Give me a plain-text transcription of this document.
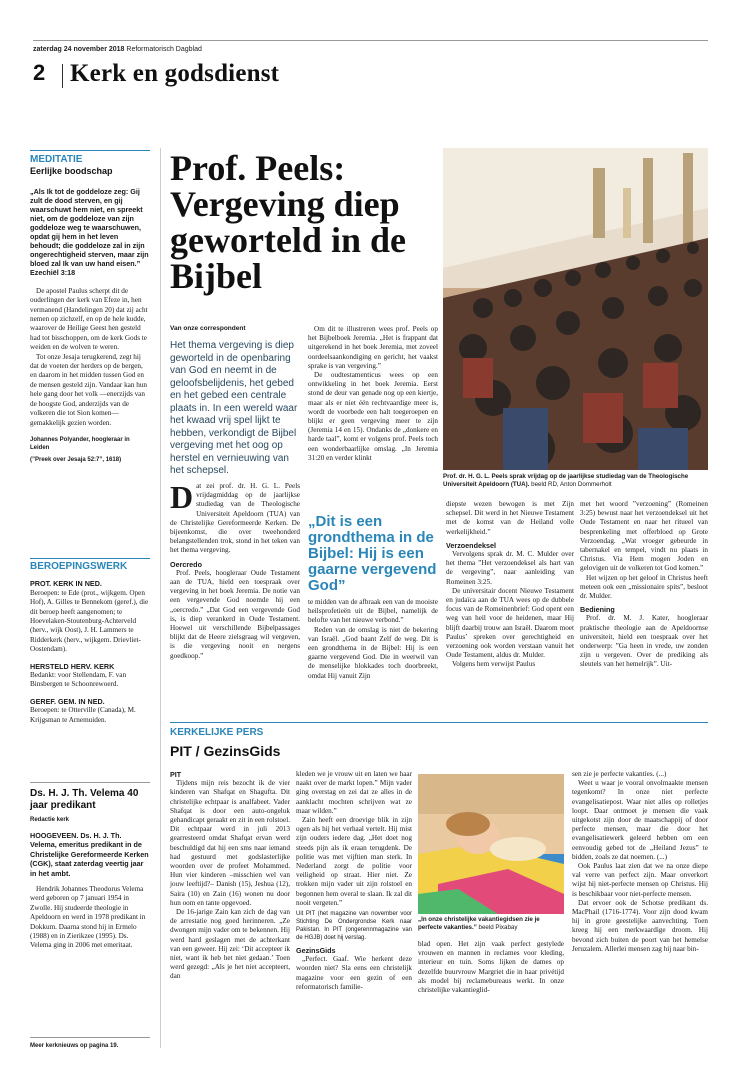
zaterdag 24 november 2018 Reformatorisch Dagblad
2 Kerk en godsdienst
MEDITATIE
Eerlijke boodschap
„Als Ik tot de goddeloze zeg: Gij zult de dood sterven, en gij waarschuwt hem niet, en spreekt niet, om de goddeloze van zijn goddeloze weg te waarschuwen, opdat gij hem in het leven behoudt; die goddeloze zal in zijn ongerechtigheid sterven, maar zijn bloed zal Ik van uw hand eisen.”
Ezechiël 3:18
De apostel Paulus scherpt dit de ouderlingen der kerk van Efeze in, hen vermanend (Handelingen 20) dat zij acht nemen op zichzelf, en op de hele kudde, waarover de Heilige Geest hen gesteld had tot bisschoppen, om de kerk Gods te weiden en de wolven te weren.
Tot onze Jesaja terugkerend, zegt hij dat de voeten der herders op de bergen, en daarom in het midden tussen God en de mensen gesteld zijn. Vandaar kan hun hele gang door het volk —enerzijds van de hoogste God, anderzijds van de volkeren die tot Sion komen—gemakkelijk gezien worden.
Johannes Polyander, hoogleraar in Leiden
(”Preek over Jesaja 52:7”, 1618)
BEROEPINGSWERK
PROT. KERK IN NED.
Beroepen: te Ede (prot., wijkgem. Open Hof), A. Gilles te Bennekom (geref.), die dit beroep heeft aangenomen; te Hoevelaken-Stoutenburg-Achterveld (herv., wijk Oost), J. H. Lammers te Ridderkerk (herv., wijkgem. Drievliet-Oostendam).
HERSTELD HERV. KERK
Bedankt: voor Stellendam, F. van Binsbergen te Schoonrewoerd.
GEREF. GEM. IN NED.
Beroepen: te Otterville (Canada), M. Krijgsman te Arnemuiden.
Ds. H. J. Th. Velema 40 jaar predikant
Redactie kerk
HOOGEVEEN. Ds. H. J. Th. Velema, emeritus predikant in de Christelijke Gereformeerde Kerken (CGK), staat zaterdag veertig jaar in het ambt.
Hendrik Johannes Theodorus Velema werd geboren op 7 januari 1954 in Zwolle. Hij studeerde theologie in Apeldoorn en werd in 1978 predikant in Dokkum. Daarna stond hij in Ermelo (1988) en in Zierikzee (1995). Ds. Velema ging in 2006 met emeritaat.
Meer kerknieuws op pagina 19.
Prof. Peels: Vergeving diep geworteld in de Bijbel
Van onze correspondent
Het thema vergeving is diep geworteld in de openbaring van God en neemt in de geloofsbelijdenis, het gebed en het gebed een centrale plaats in. In een wereld waar het kwaad vrij spel lijkt te hebben, verkondigt de Bijbel vergeving met het oog op herstel en vernieuwing van het schepsel.
Dat zei prof. dr. H. G. L. Peels vrijdagmiddag op de jaarlijkse studiedag van de Theologische Universiteit Apeldoorn (TUA) van de Christelijke Gereformeerde Kerken. De bijeenkomst, die over tweehonderd belangstellenden trok, stond in het teken van het thema vergeving.
Oercredo
Prof. Peels, hoogleraar Oude Testament aan de TUA, hield een toespraak over vergeving in het boek Jeremia. De notie van een vergevende God noemde hij een „oercredo.” „Dat God een vergevende God is, is diep verankerd in Oude Testament. Hoewel uit verschillende Bijbelpassages blijkt dat de Heere zielsgraag wil vergeven, is die vergeving nooit en nergens goedkoop.”
Om dit te illustreren wees prof. Peels op het Bijbelboek Jeremia. „Het is frappant dat uitgerekend in het boek Jeremia, met zoveel oordeelsaankondiging en gericht, het vaakst sprake is van vergeving.”
De oudtestamenticus wees op een ontwikkeling in het boek Jeremia. Eerst stond de deur van genade nog op een kiertje, maar als er niet één rechtvaardige meer is, wordt de voorbede een halt toegeroepen en blijkt er geen vergeving meer te zijn (Jeremia 14 en 15). Ondanks de „donkere en harde taal”, komt er volgens prof. Peels toch een wonderbaarlijke omslag. „In Jeremia 31:20 en verder klinkt
„Dit is een grondthema in de Bijbel: Hij is een gaarne vergevend God”
te midden van de afbraak een van de mooiste heilsprofetieën uit de Bijbel, namelijk de belofte van het nieuwe verbond.”
Reden van de omslag is niet de bekering van Israël. „God baant Zelf de weg. Dit is een grondthema in de Bijbel: Hij is een gaarne vergevend God. Die in weerwil van de menselijke blokkades toch doorbreekt, omdat Hij vanuit Zijn
diepste wezen bewogen is met Zijn schepsel. Dit werd in het Nieuwe Testament met de komst van de Heiland volle werkelijkheid.”
Verzoendeksel
Vervolgens sprak dr. M. C. Mulder over het thema ”Het verzoendeksel als hart van de vergeving”, naar aanleiding van Romeinen 3:25.
De universitair docent Nieuwe Testament en judaïca aan de TUA wees op de dubbele focus van de Romeinenbrief: God opent een weg van heil voor de heidenen, maar Hij blijft daarbij trouw aan Israël. Daarom moet Paulus’ spreken over gerechtigheid en verzoening ook worden verstaan vanuit het Oude Testament, aldus dr. Mulder.
Volgens hem verwijst Paulus
met het woord ”verzoening” (Romeinen 3:25) bewust naar het verzoendeksel uit het Oude Testament en naar het ritueel van besprenkeling met offerbloed op Grote Verzoendag. „Wat vroeger gebeurde in tabernakel en tempel, vindt nu plaats in Christus. Via Hem mogen Joden en gelovigen uit de volkeren tot God komen.”
Het wijzen op het geloof in Christus heeft meteen ook een „missionaire spits”, besloot dr. Mulder.
Bediening
Prof. dr. M. J. Kater, hoogleraar praktische theologie aan de Apeldoornse universiteit, hield een toespraak over het onderwerp: ”Ga heen in vrede, uw zonden zijn u vergeven. Over de prediking als sleutels van het hemelrijk”. Uit-
Prof. dr. H. G. L. Peels sprak vrijdag op de jaarlijkse studiedag van de Theologische Universiteit Apeldoorn (TUA). beeld RD, Anton Dommerholt
KERKELIJKE PERS
PIT / GezinsGids
PIT
Tijdens mijn reis bezocht ik de vier kinderen van Shafqat en Shagufta. Dit christelijke echtpaar is analfabeet. Vader Shafqat is door een auto-ongeluk gehandicapt geraakt en zit in een rolstoel. Dit echtpaar werd in juli 2013 gearresteerd omdat Shafqat ervan werd beschuldigd dat hij een sms naar iemand had gestuurd met godslasterlijke woorden over de profeet Mohammed. Hun vier kinderen –misschien wel van jouw leeftijd?– Danish (15), Jeshua (12), Saira (10) en Zain (16) wonen nu door hun oom en tante opgevoed.
De 16-jarige Zain kan zich de dag van de arrestatie nog goed herinneren. „Ze dwongen mijn vader om te bekennen. Hij werd hard geslagen met de achterkant van een geweer. Hij zei: ‘Dit accepteer ik niet, want ik heb het niet gedaan.’ Toen werd gezegd: „Als je het niet accepteert, dan
kleden we je vrouw uit en laten we haar naakt over de markt lopen.” Mijn vader ging overstag en zei dat ze alles in de aanklacht mochten schrijven wat ze maar wilden.”
Zain heeft een droevige blik in zijn ogen als hij het verhaal vertelt. Hij mist zijn ouders iedere dag. „Het doet nog steeds pijn als ik eraan terugdenk. De politie was met vijftien man sterk. In Nederland zorgt de politie voor veiligheid op straat. Hier niet. Ze trokken mijn vader uit zijn rolstoel en begonnen hem overal te slaan. Ik zal dit nooit vergeten.”
Uit PIT (het magazine van november voor Stichting De Ondergrondse Kerk naar Pakistan. In PIT (ongerennmagazine van de HGJB) doet hij verslag.
GezinsGids
„Perfect. Gaaf. Wie herkent deze woorden niet? Sla eens een christelijk magazine voor een gezin of een reformatorisch familie-
„In onze christelijke vakantiegidsen zie je perfecte vakanties.” beeld Pixabay
blad open. Het zijn vaak perfect gestylede vrouwen en mannen in reclames voor kleding, interieur en tuin. Soms lijken de dames op dezelfde buurvrouw Margriet die in haar privétijd als model bij reclamebureaus werkt. In onze christelijke vakantieglid-
sen zie je perfecte vakanties. (...)
Weet u waar je vooral onvolmaakte mensen tegenkomt? In onze niet perfecte evangelisatiepost. Waar niet alles op rolletjes loopt. Daar ontmoet je mensen die vaak uitgekotst zijn door de maatschappij of door perfecte mensen, maar die door het evangelisatiewerk geleerd hebben om een eenvoudig gebed tot de „Heiland Jezus” te bidden, zoals ze dat noemen. (...)
Ook Paulus laat zien dat we na onze diepe val verre van perfect zijn. Maar onverkort wijst hij niet-perfecte mensen op Christus. Hij is beschikbaar voor niet-perfecte mensen.
Dat ervoer ook de Schotse predikant ds. MacPhail (1716-1774). Voor zijn dood kwam hij in grote geestelijke aanvechting. Toen kreeg hij een merkwaardige droom. Hij bevond zich buiten de poort van het hemelse Jeruzalem. Allerlei mensen zag hij naar bin-
